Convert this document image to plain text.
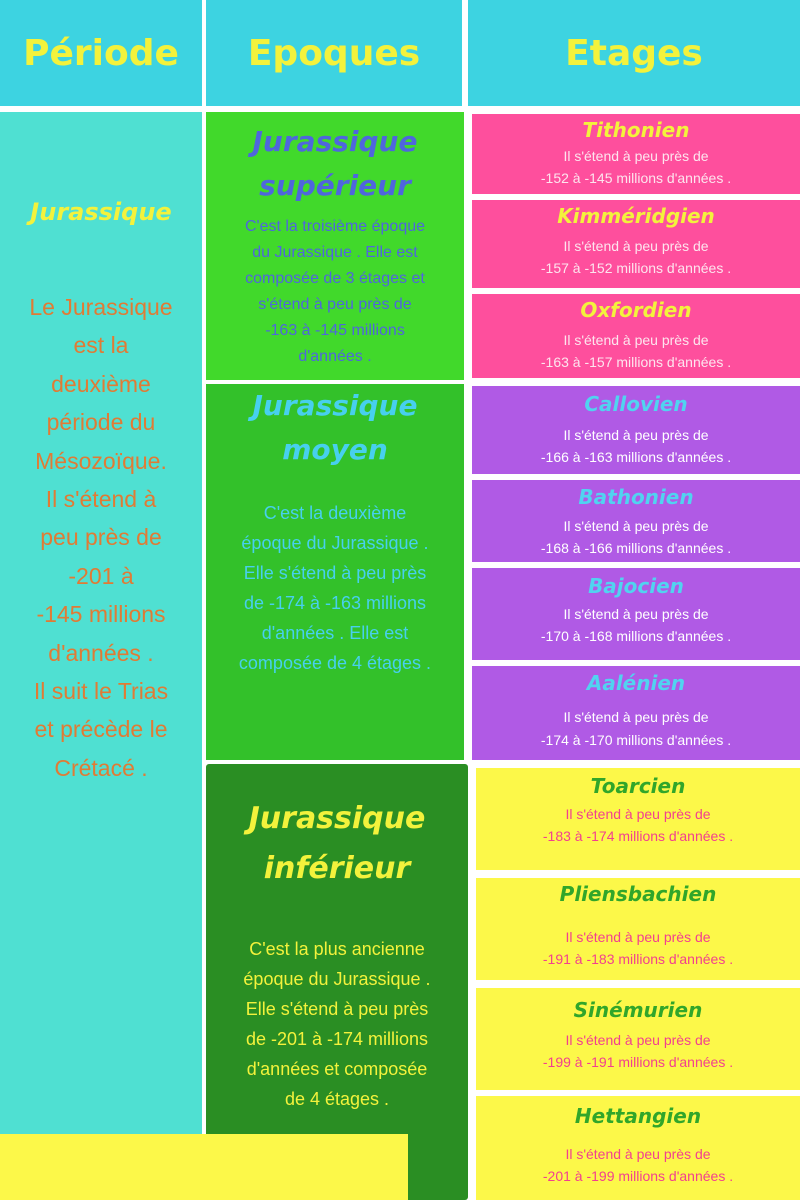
Période Epoques	Etages
Jurassique
Le Jurassique
est la
deuxième
période du
Mésozoïque.
Il s'étend à
peu près de
-201 à
-145 millions
d'années .
Il suit le Trias
et précède le
Crétacé .
Jurassique
supérieur
C'est la troisième époque
du Jurassique . Elle est
composée de 3 étages et
s'étend à peu près de
-163 à -145 millions
d'années .
Jurassique
moyen
C'est la deuxième
époque du Jurassique .
Elle s'étend à peu près
de -174 à -163 millions
d'années . Elle est
composée de 4 étages .
Jurassique
inférieur
C'est la plus ancienne
époque du Jurassique .
Elle s'étend à peu près
de -201 à -174 millions
d'années et composée
de 4 étages .
Tithonien
Il s'étend à peu près de
-152 à -145 millions d'années .
Kimméridgien
Il s'étend à peu près de
-157 à -152 millions d'années .
Oxfordien
Il s'étend à peu près de
-163 à -157 millions d'années .
Callovien
Il s'étend à peu près de
-166 à -163 millions d'années .
Bathonien
Il s'étend à peu près de
-168 à -166 millions d'années .
Bajocien
Il s'étend à peu près de
-170 à -168 millions d'années .
Aalénien
Il s'étend à peu près de
-174 à -170 millions d'années .
Toarcien
Il s'étend à peu près de
-183 à -174 millions d'années .
Pliensbachien
Il s'étend à peu près de
-191 à -183 millions d'années .
Sinémurien
Il s'étend à peu près de
-199 à -191 millions d'années .
Hettangien
Il s'étend à peu près de
-201 à -199 millions d'années .
